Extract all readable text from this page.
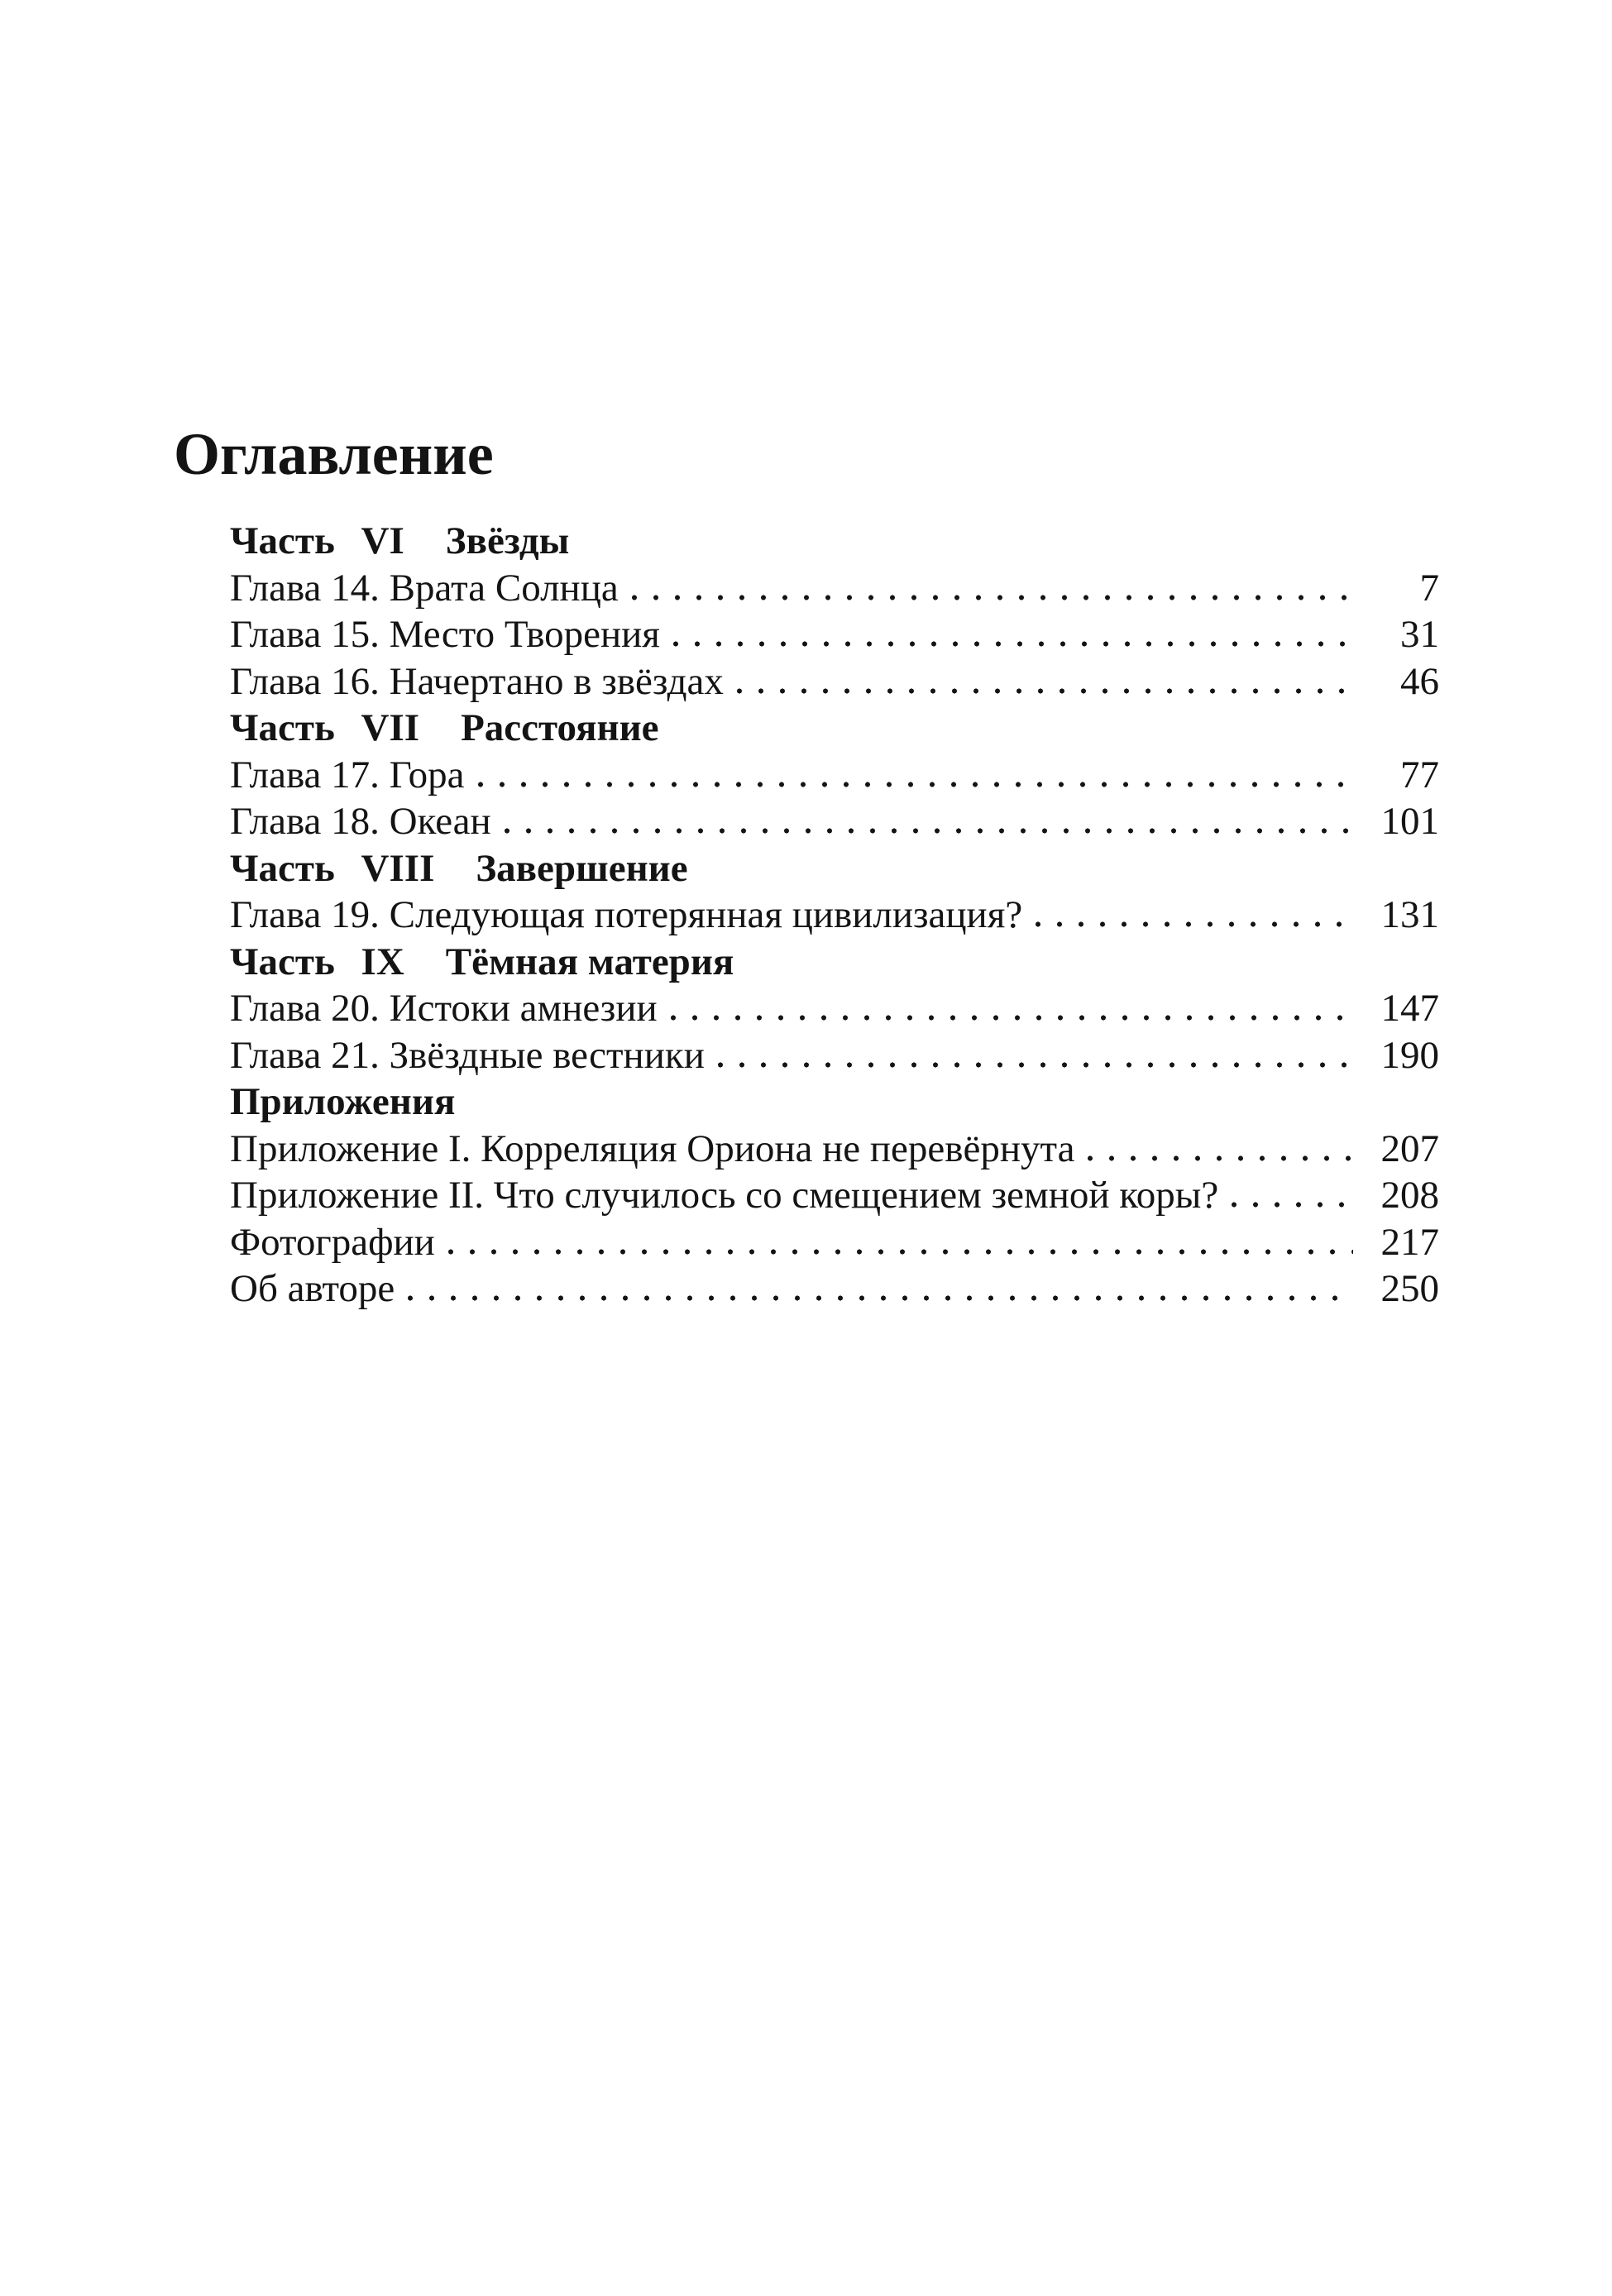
Оглавление
Часть VI Звёзды
Глава 14. Врата Солнца	7
Глава 15. Место Творения	31
Глава 16. Начертано в звёздах	46
Часть VII Расстояние
Глава 17. Гора	77
Глава 18. Океан	101
Часть VIII Завершение
Глава 19. Следующая потерянная цивилизация?	131
Часть IX Тёмная материя
Глава 20. Истоки амнезии	147
Глава 21. Звёздные вестники	190
Приложения
Приложение I. Корреляция Ориона не перевёрнута	207
Приложение II. Что случилось со смещением земной коры?	208
Фотографии	217
Об авторе	250
